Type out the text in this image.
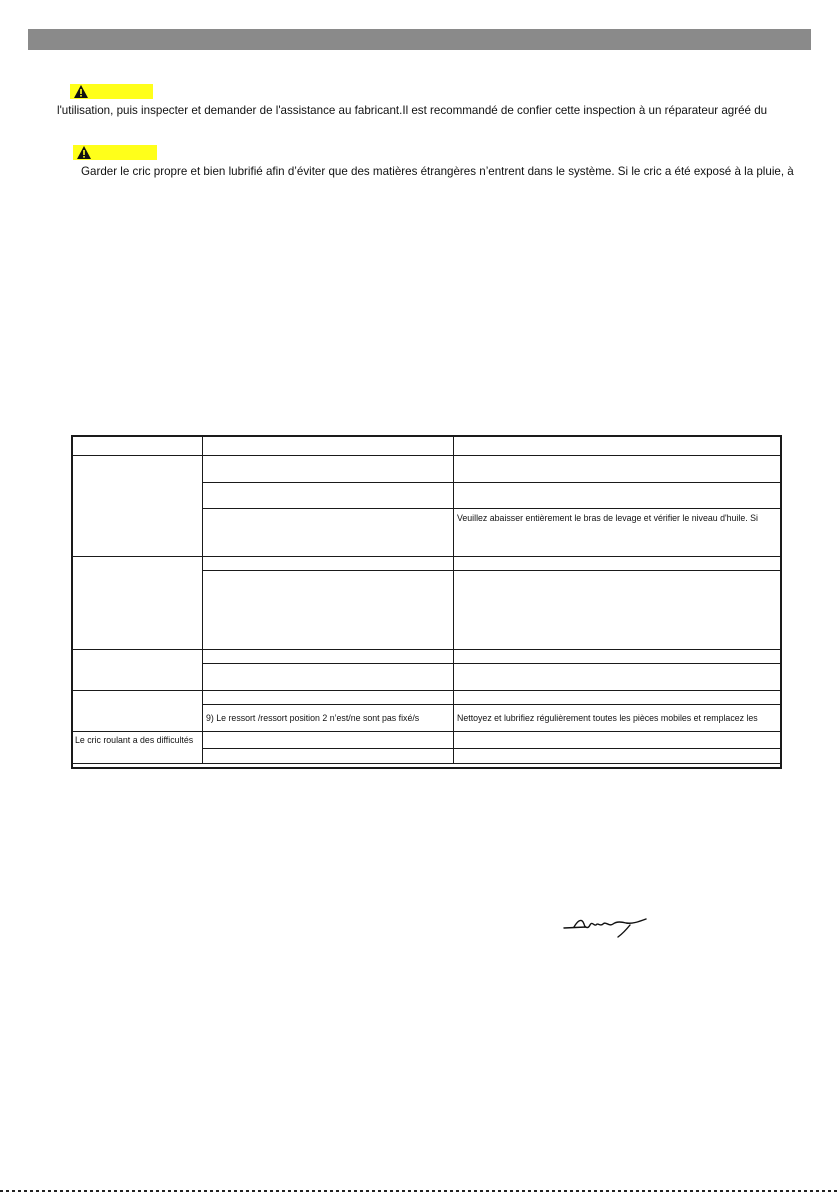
l'utilisation, puis inspecter et demander de l'assistance au fabricant.Il est recommandé de confier cette inspection à un réparateur agréé du
Garder le cric propre et bien lubrifié afin d’éviter que des matières étrangères n’entrent dans le système. Si le cric a été exposé à la pluie, à

		Veuillez abaisser entièrement le bras de levage et vérifier le niveau d'huile. Si

	9) Le ressort /ressort position 2 n’est/ne sont pas fixé/s	Nettoyez et lubrifiez régulièrement toutes les pièces mobiles et remplacez les
Le cric roulant a des difficultés		
